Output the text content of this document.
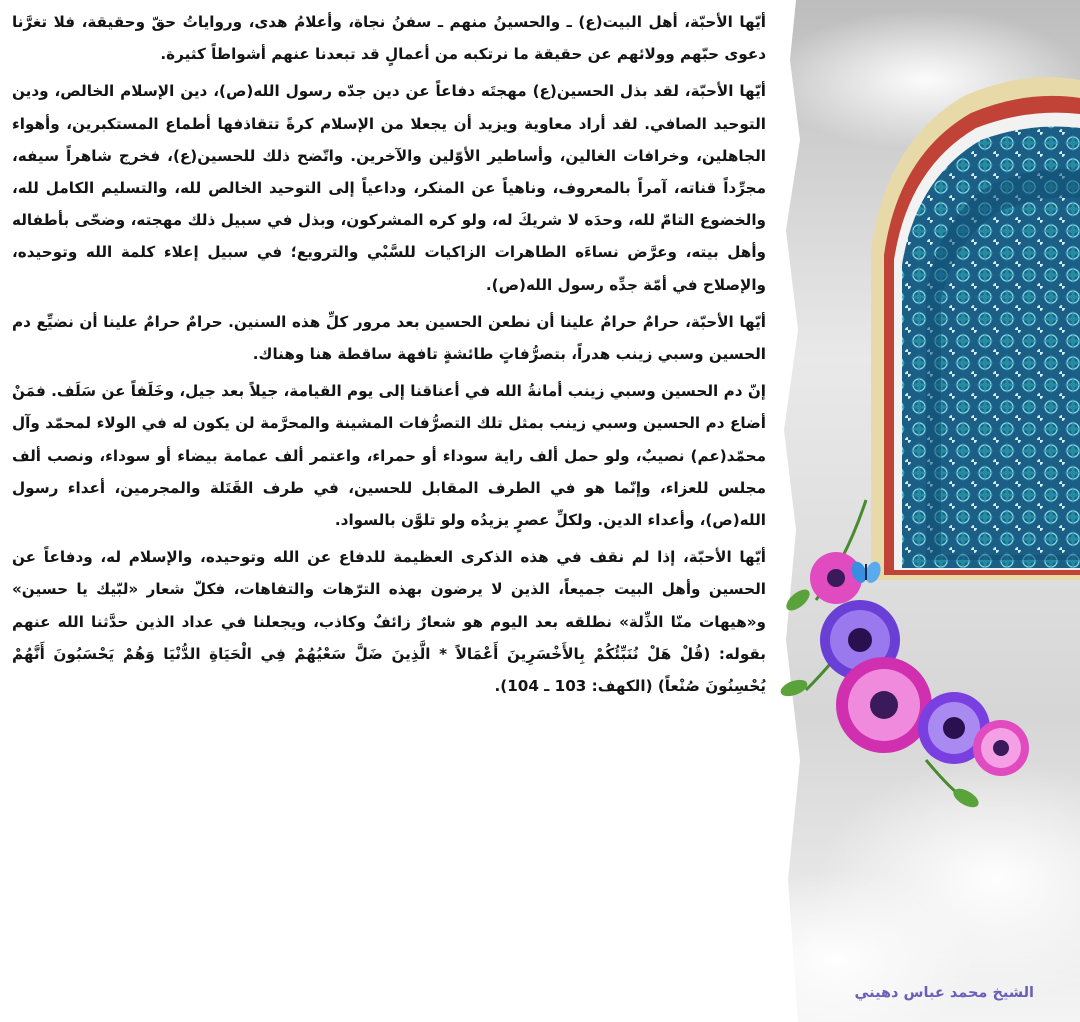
أيّها الأحبّة، أهل البيت(ع) ـ والحسينُ منهم ـ سفنُ نجاة، وأعلامُ هدى، ورواياتُ حقّ وحقيقة، فلا تغرَّنا دعوى حبّهم وولائهم عن حقيقة ما نرتكبه من أعمالٍ قد تبعدنا عنهم أشواطاً كثيرة.

أيّها الأحبّة، لقد بذل الحسين(ع) مهجتَه دفاعاً عن دين جدّه رسول الله(ص)، دين الإسلام الخالص، ودين التوحيد الصافي. لقد أراد معاوية ويزيد أن يجعلا من الإسلام كرةً تتقاذفها أطماع المستكبرين، وأهواء الجاهلين، وخرافات الغالين، وأساطير الأوّلين والآخرين. واتّضح ذلك للحسين(ع)، فخرج شاهراً سيفه، مجرِّداً قناته، آمراً بالمعروف، وناهياً عن المنكر، وداعياً إلى التوحيد الخالص لله، والتسليم الكامل لله، والخضوع التامّ لله، وحدَه لا شريكَ له، ولو كره المشركون، وبذل في سبيل ذلك مهجته، وضحّى بأطفاله وأهل بيته، وعرَّض نساءَه الطاهرات الزاكيات للسَّبْي والترويع؛ في سبيل إعلاء كلمة الله وتوحيده، والإصلاح في أمّة جدِّه رسول الله(ص).

أيّها الأحبّة، حرامٌ حرامٌ علينا أن نطعن الحسين بعد مرور كلِّ هذه السنين. حرامٌ حرامٌ علينا أن نضيِّع دم الحسين وسبي زينب هدراً، بتصرُّفاتٍ طائشةٍ تافهة ساقطة هنا وهناك.

إنّ دم الحسين وسبي زينب أمانةُ الله في أعناقنا إلى يوم القيامة، جيلاً بعد جيل، وخَلَفاً عن سَلَف. فمَنْ أضاع دم الحسين وسبي زينب بمثل تلك التصرُّفات المشينة والمحرَّمة لن يكون له في الولاء لمحمّد وآل محمّد(عم) نصيبٌ، ولو حمل ألف راية سوداء أو حمراء، واعتمر ألف عمامة بيضاء أو سوداء، ونصب ألف مجلس للعزاء، وإنّما هو في الطرف المقابل للحسين، في طرف القَتَلة والمجرمين، أعداء رسول الله(ص)، وأعداء الدين. ولكلِّ عصرٍ يزيدُه ولو تلوَّن بالسواد.

أيّها الأحبّة، إذا لم نقف في هذه الذكرى العظيمة للدفاع عن الله وتوحيده، والإسلام له، ودفاعاً عن الحسين وأهل البيت جميعاً، الذين لا يرضون بهذه الترّهات والتفاهات، فكلّ شعار «لبّيك يا حسين» و«هيهات منّا الذِّلة» نطلقه بعد اليوم هو شعارٌ زائفٌ وكاذب، ويجعلنا في عداد الذين حدَّثنا الله عنهم بقوله: (قُلْ هَلْ نُنَبِّئُكُمْ بِالأَخْسَرِينَ أَعْمَالاً * الَّذِينَ ضَلَّ سَعْيُهُمْ فِي الْحَيَاةِ الدُّنْيَا وَهُمْ يَحْسَبُونَ أَنَّهُمْ يُحْسِنُونَ صُنْعاً) (الكهف: 103 ـ 104).

الشيخ محمد عباس دهيني
